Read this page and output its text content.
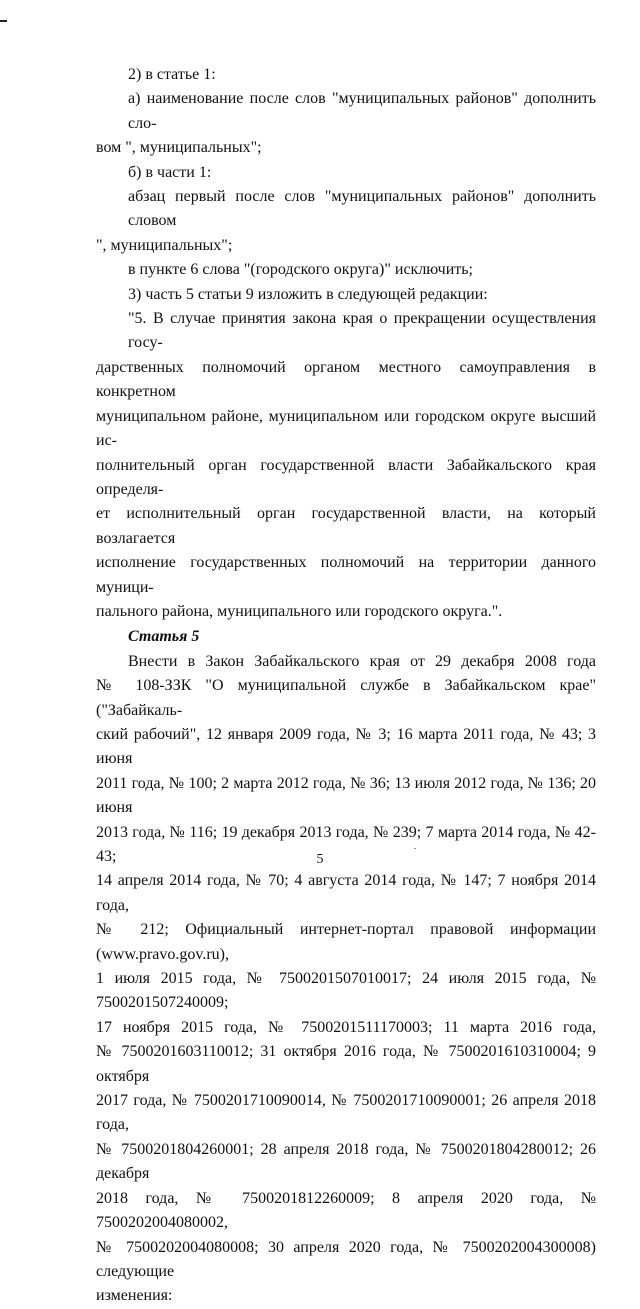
2) в статье 1:
а) наименование после слов "муниципальных районов" дополнить сло-
вом ", муниципальных";
б) в части 1:
абзац первый после слов "муниципальных районов" дополнить словом
", муниципальных";
в пункте 6 слова "(городского округа)" исключить;
3) часть 5 статьи 9 изложить в следующей редакции:
"5. В случае принятия закона края о прекращении осуществления госу-
дарственных полномочий органом местного самоуправления в конкретном
муниципальном районе, муниципальном или городском округе высший ис-
полнительный орган государственной власти Забайкальского края определя-
ет исполнительный орган государственной власти, на который возлагается
исполнение государственных полномочий на территории данного муници-
пального района, муниципального или городского округа.".
Статья 5
Внести в Закон Забайкальского края от 29 декабря 2008 года
№ 108-ЗЗК "О муниципальной службе в Забайкальском крае" ("Забайкаль-
ский рабочий", 12 января 2009 года, № 3; 16 марта 2011 года, № 43; 3 июня
2011 года, № 100; 2 марта 2012 года, № 36; 13 июля 2012 года, № 136; 20 июня
2013 года, № 116; 19 декабря 2013 года, № 239; 7 марта 2014 года, № 42-43;
14 апреля 2014 года, № 70; 4 августа 2014 года, № 147; 7 ноября 2014 года,
№ 212; Официальный интернет-портал правовой информации (www.pravo.gov.ru),
1 июля 2015 года, № 7500201507010017; 24 июля 2015 года, № 7500201507240009;
17 ноября 2015 года, № 7500201511170003; 11 марта 2016 года,
№ 7500201603110012; 31 октября 2016 года, № 7500201610310004; 9 октября
2017 года, № 7500201710090014, № 7500201710090001; 26 апреля 2018 года,
№ 7500201804260001; 28 апреля 2018 года, № 7500201804280012; 26 декабря
2018 года, № 7500201812260009; 8 апреля 2020 года, № 7500202004080002,
№ 7500202004080008; 30 апреля 2020 года, № 7500202004300008) следующие
изменения:
5
